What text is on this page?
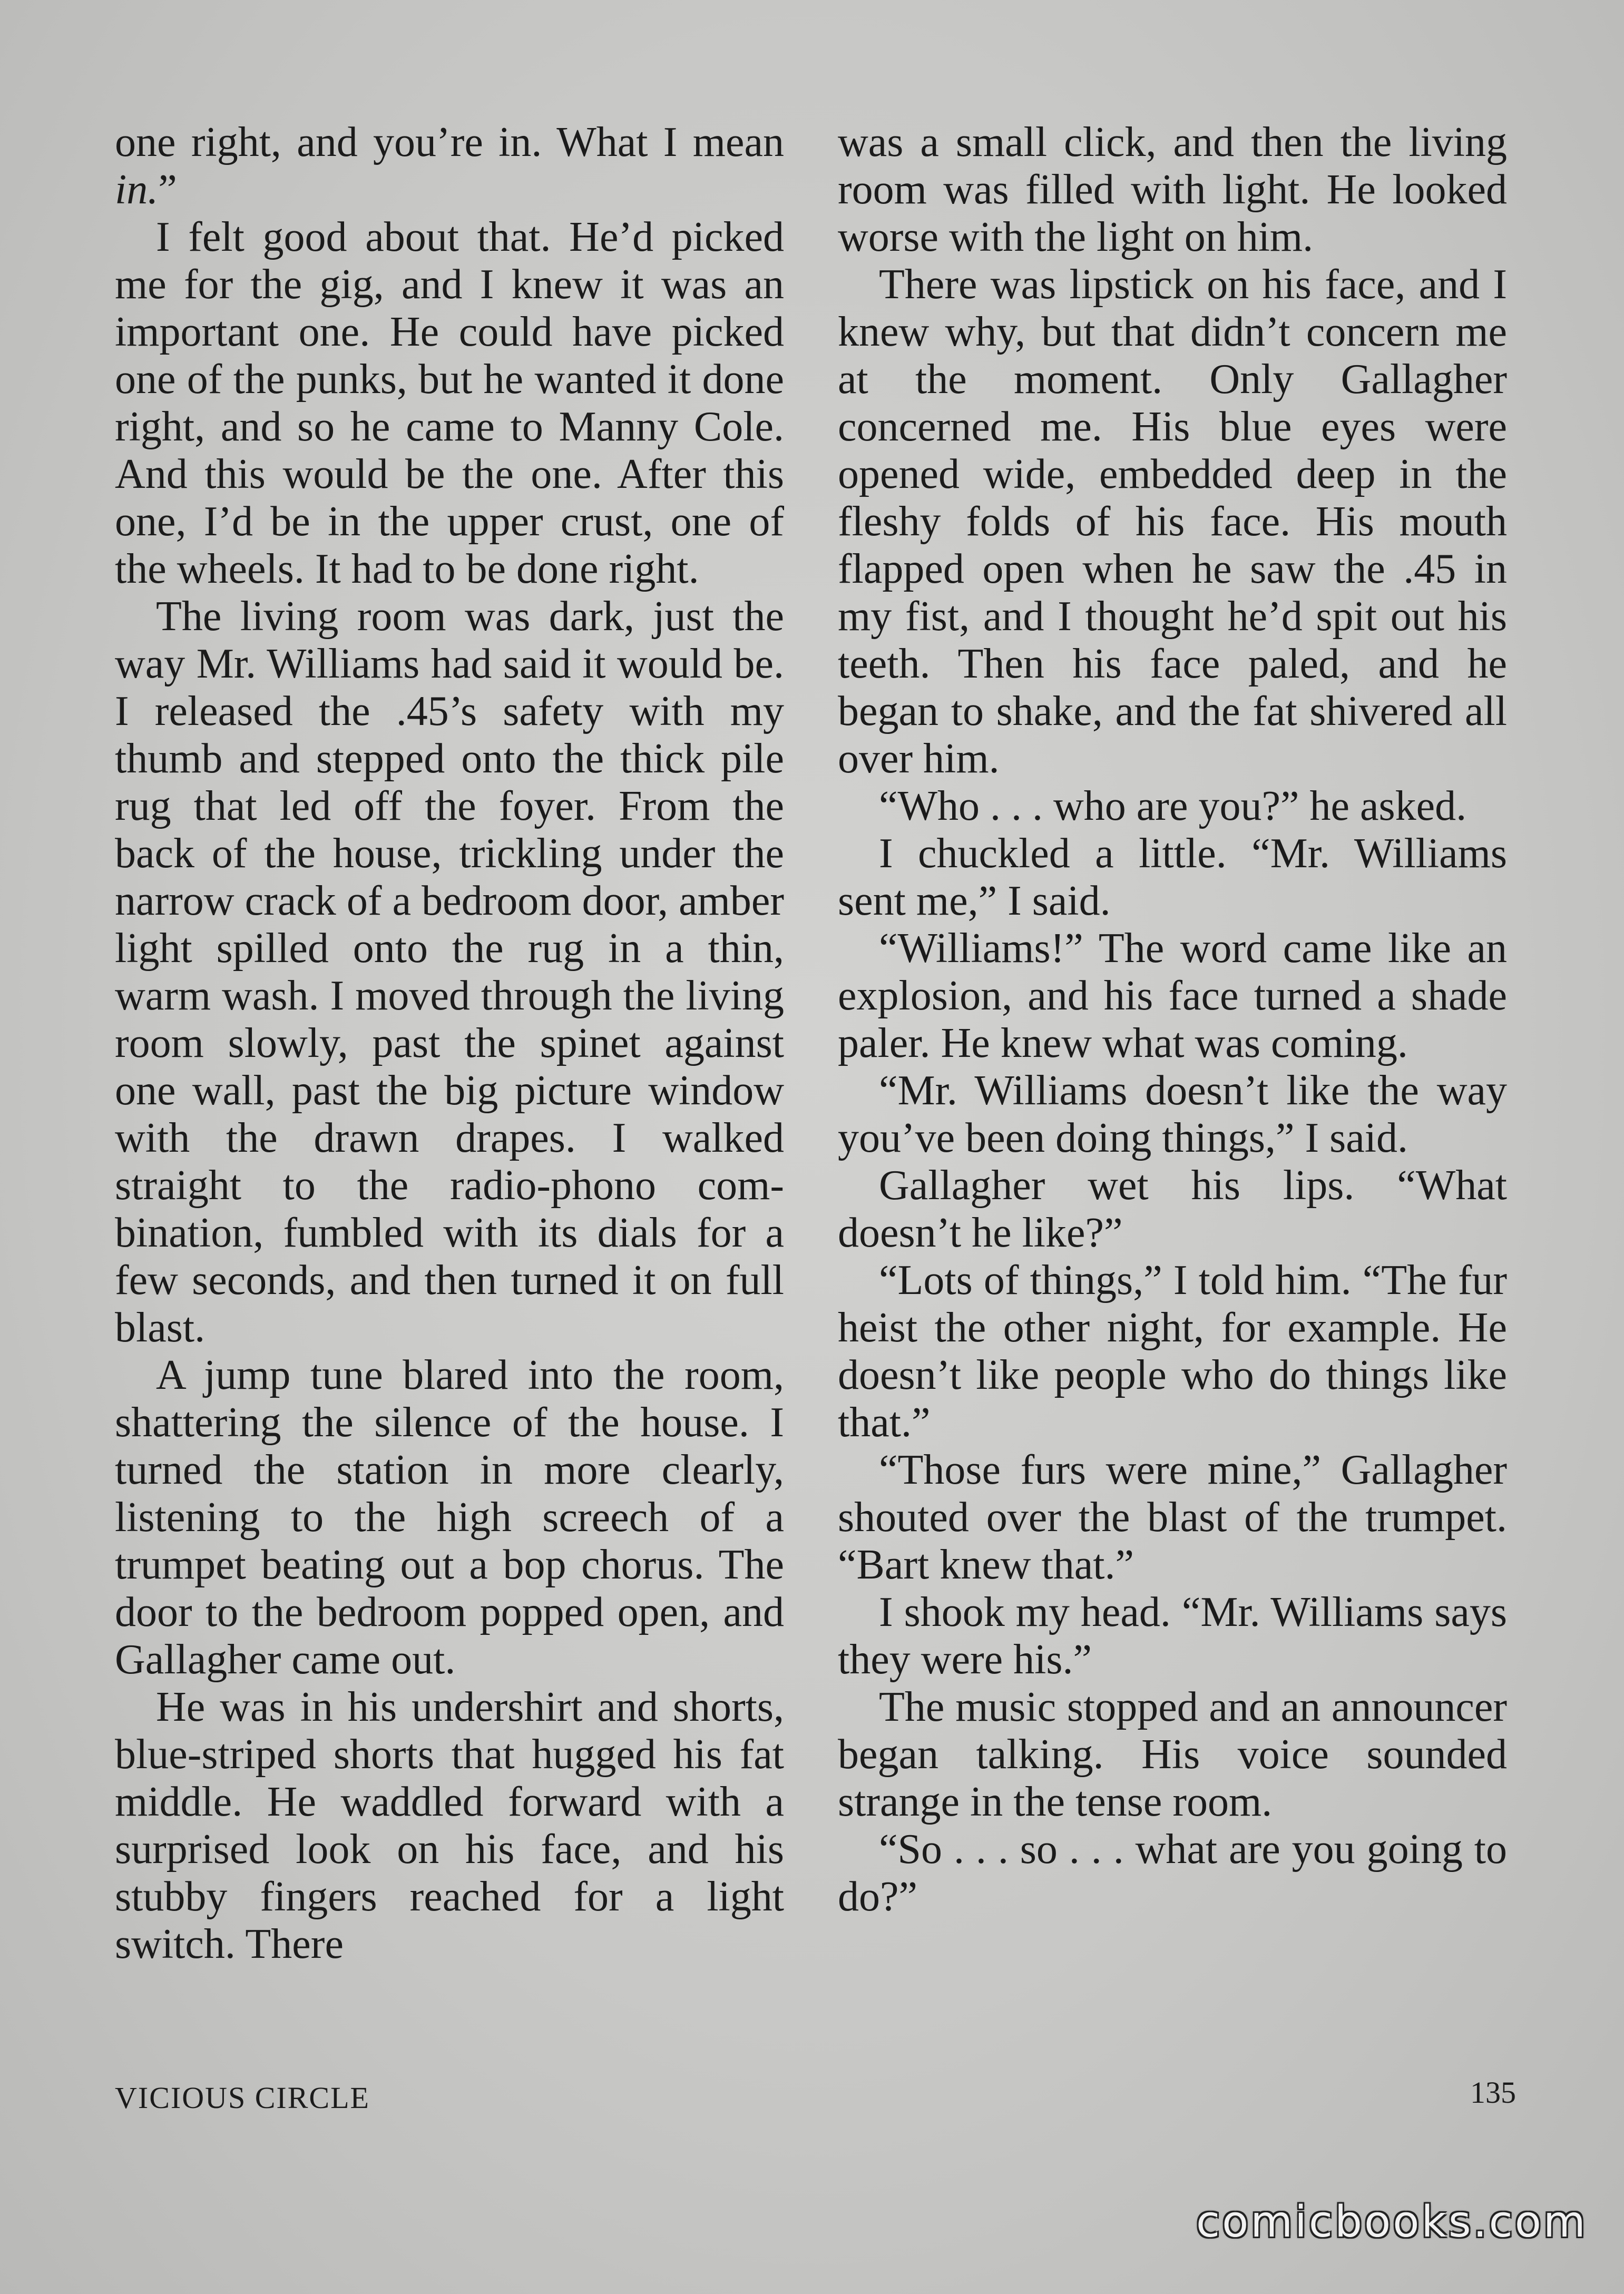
one right, and you’re in. What I mean in.”

I felt good about that. He’d picked me for the gig, and I knew it was an important one. He could have picked one of the punks, but he wanted it done right, and so he came to Manny Cole. And this would be the one. After this one, I’d be in the upper crust, one of the wheels. It had to be done right.

The living room was dark, just the way Mr. Williams had said it would be. I released the .45’s safety with my thumb and stepped onto the thick pile rug that led off the foyer. From the back of the house, trickling under the narrow crack of a bedroom door, amber light spilled onto the rug in a thin, warm wash. I moved through the living room slowly, past the spinet against one wall, past the big picture window with the drawn drapes. I walked straight to the radio-phono combination, fumbled with its dials for a few seconds, and then turned it on full blast.

A jump tune blared into the room, shattering the silence of the house. I turned the station in more clearly, listening to the high screech of a trumpet beating out a bop chorus. The door to the bedroom popped open, and Gallagher came out.

He was in his undershirt and shorts, blue-striped shorts that hugged his fat middle. He waddled forward with a surprised look on his face, and his stubby fingers reached for a light switch. There

was a small click, and then the living room was filled with light. He looked worse with the light on him.

There was lipstick on his face, and I knew why, but that didn’t concern me at the moment. Only Gallagher concerned me. His blue eyes were opened wide, embedded deep in the fleshy folds of his face. His mouth flapped open when he saw the .45 in my fist, and I thought he’d spit out his teeth. Then his face paled, and he began to shake, and the fat shivered all over him.

“Who . . . who are you?” he asked.

I chuckled a little. “Mr. Williams sent me,” I said.

“Williams!” The word came like an explosion, and his face turned a shade paler. He knew what was coming.

“Mr. Williams doesn’t like the way you’ve been doing things,” I said.

Gallagher wet his lips. “What doesn’t he like?”

“Lots of things,” I told him. “The fur heist the other night, for example. He doesn’t like people who do things like that.”

“Those furs were mine,” Gallagher shouted over the blast of the trumpet. “Bart knew that.”

I shook my head. “Mr. Williams says they were his.”

The music stopped and an announcer began talking. His voice sounded strange in the tense room.

“So . . . so . . . what are you going to do?”

VICIOUS CIRCLE	135
comicbooks.com
